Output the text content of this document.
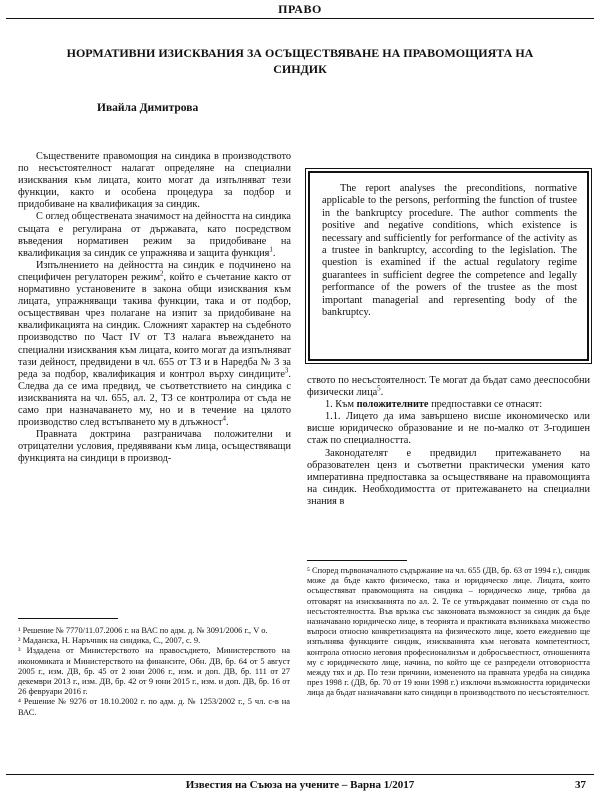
ПРАВО
НОРМАТИВНИ ИЗИСКВАНИЯ ЗА ОСЪЩЕСТВЯВАНЕ НА ПРАВОМОЩИЯТА НА СИНДИК
Ивайла Димитрова

Съществените правомощия на синдика в производството по несъстоятелност налагат определяне на специални изисквания към лицата, които могат да изпълняват тези функции, както и особена процедура за подбор и придобиване на квалификация за синдик.

С оглед обществената значимост на дейността на синдика същата е регулирана от държавата, като посредством въведения нормативен режим за придобиване на квалификация за синдик се упражнява и защита функция$^1$.

Изпълнението на дейността на синдик е подчинено на специфичен регулаторен режим$^2$, който е съчетание както от нормативно установените в закона общи изисквания към лицата, упражняващи такива функции, така и от подбор, осъществяван чрез полагане на изпит за придобиване на квалификацията на синдик. Сложният характер на съдебното производство по Част IV от ТЗ налага въвеждането на специални изисквания към лицата, които могат да изпълняват тази дейност, предвидени в чл. 655 от ТЗ и в Наредба № 3 за реда за подбор, квалификация и контрол върху синдиците$^3$. Следва да се има предвид, че съответствието на синдика с изискванията на чл. 655, ал. 2, ТЗ се контролира от съда не само при назначаването му, но и в течение на цялото производство след встъпването му в длъжност$^4$.

Правната доктрина разграничава положителни и отрицателни условия, предявявани към лица, осъществяващи функцията на синдици в производ-

The report analyses the preconditions, normative applicable to the persons, performing the function of trustee in the bankruptcy procedure. The author comments the positive and negative conditions, which existence is necessary and sufficiently for performance of the activity as a trustee in bankruptcy, according to the legislation. The question is examined if the actual regulatory regime guarantees in sufficient degree the competence and legally performance of the powers of the trustee as the most important managerial and representing body of the bankruptcy.

ството по несъстоятелност. Те могат да бъдат само дееспособни физически лица$^5$.

1. Към положителните предпоставки се отнасят:

1.1. Лицето да има завършено висше икономическо или висше юридическо образование и не по-малко от 3-годишен стаж по специалността.

Законодателят е предвидил притежаването на образователен ценз и съответни практически умения като императивна предпоставка за осъществяване на правомощията на синдик. Необходимостта от притежаването на специални знания в

¹ Решение № 7770/11.07.2006 г. на ВАС по адм. д. № 3091/2006 г., V о.

² Маданска, Н. Наръчник на синдика, С., 2007, с. 9.

³ Издадена от Министерството на правосъдието, Министерството на икономиката и Министерството на финансите, Обн. ДВ, бр. 64 от 5 август 2005 г., изм. ДВ, бр. 45 от 2 юни 2006 г., изм. и доп. ДВ, бр. 111 от 27 декември 2013 г., изм. ДВ, бр. 42 от 9 юни 2015 г., изм. и доп. ДВ, бр. 16 от 26 февруари 2016 г.

⁴ Решение № 9276 от 18.10.2002 г. по адм. д. № 1253/2002 г., 5 чл. с-в на ВАС.

⁵ Според първоначалното съдържание на чл. 655 (ДВ, бр. 63 от 1994 г.), синдик може да бъде както физическо, така и юридическо лице. Лицата, които осъществяват правомощията на синдика – юридическо лице, трябва да отговарят на изискванията по ал. 2. Те се утвърждават поименно от съда по несъстоятелността. Във връзка със законовата възможност за синдик да бъде назначавано юридическо лице, в теорията и практиката възникваха множество въпроси относно конкретизацията на физическото лице, което ежедневно ще изпълнява функциите синдик, изискванията към неговата компетентност, контрола относно неговия професионализъм и добросъвестност, отношенията му с юридическото лице, начина, по който ще се разпредели отговорността между тях и др. По тези причини, измененото на правната уредба на синдика през 1998 г. (ДВ, бр. 70 от 19 юни 1998 г.) изключи възможността юридически лица да бъдат назначавани като синдици в производството по несъстоятелност.

Известия на Съюза на учените – Варна 1/2017	37
